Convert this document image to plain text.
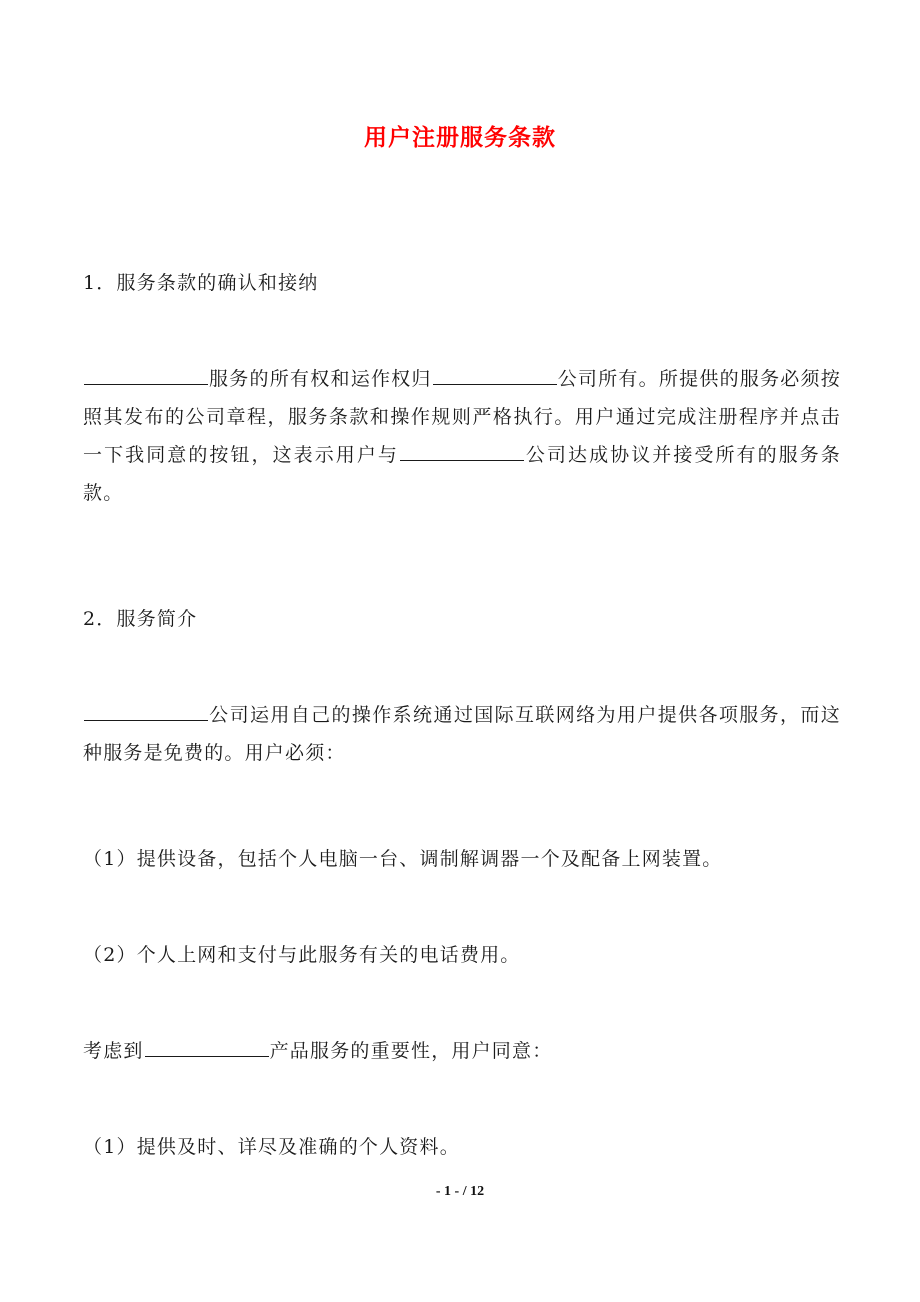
用户注册服务条款
1．服务条款的确认和接纳
服务的所有权和运作权归	公司所有。所提供的服务必须按照其发布的公司章程，服务条款和操作规则严格执行。用户通过完成注册程序并点击一下我同意的按钮，这表示用户与	公司达成协议并接受所有的服务条款。
2．服务简介
公司运用自己的操作系统通过国际互联网络为用户提供各项服务，而这种服务是免费的。用户必须：
（1）提供设备，包括个人电脑一台、调制解调器一个及配备上网装置。
（2）个人上网和支付与此服务有关的电话费用。
考虑到	产品服务的重要性，用户同意：
（1）提供及时、详尽及准确的个人资料。
- 1 - / 12
